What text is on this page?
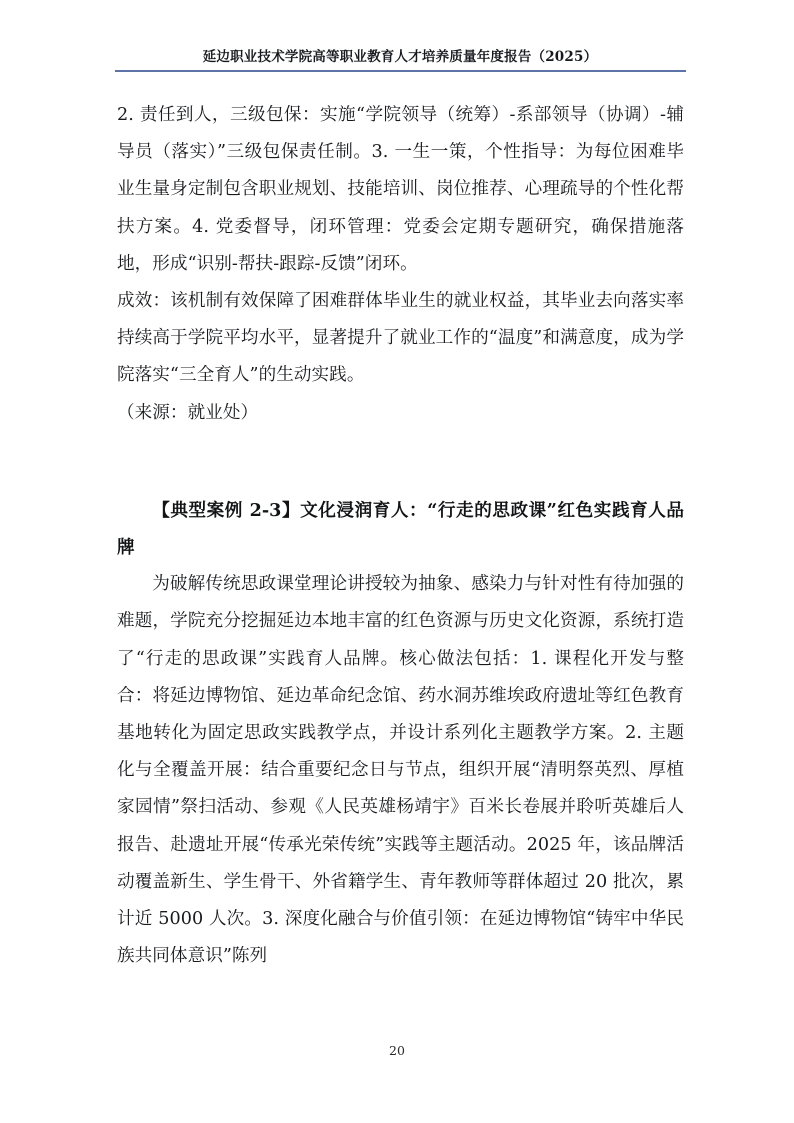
延边职业技术学院高等职业教育人才培养质量年度报告（2025）

2. 责任到人，三级包保：实施“学院领导（统筹）-系部领导（协调）-辅导员（落实）”三级包保责任制。3. 一生一策，个性指导：为每位困难毕业生量身定制包含职业规划、技能培训、岗位推荐、心理疏导的个性化帮扶方案。4. 党委督导，闭环管理：党委会定期专题研究，确保措施落地，形成“识别-帮扶-跟踪-反馈”闭环。

成效：该机制有效保障了困难群体毕业生的就业权益，其毕业去向落实率持续高于学院平均水平，显著提升了就业工作的“温度”和满意度，成为学院落实“三全育人”的生动实践。

（来源：就业处）

【典型案例 2-3】文化浸润育人：“行走的思政课”红色实践育人品牌

为破解传统思政课堂理论讲授较为抽象、感染力与针对性有待加强的难题，学院充分挖掘延边本地丰富的红色资源与历史文化资源，系统打造了“行走的思政课”实践育人品牌。核心做法包括：1. 课程化开发与整合：将延边博物馆、延边革命纪念馆、药水洞苏维埃政府遗址等红色教育基地转化为固定思政实践教学点，并设计系列化主题教学方案。2. 主题化与全覆盖开展：结合重要纪念日与节点，组织开展“清明祭英烈、厚植家园情”祭扫活动、参观《人民英雄杨靖宇》百米长卷展并聆听英雄后人报告、赴遗址开展“传承光荣传统”实践等主题活动。2025 年，该品牌活动覆盖新生、学生骨干、外省籍学生、青年教师等群体超过 20 批次，累计近 5000 人次。3. 深度化融合与价值引领：在延边博物馆“铸牢中华民族共同体意识”陈列

20
